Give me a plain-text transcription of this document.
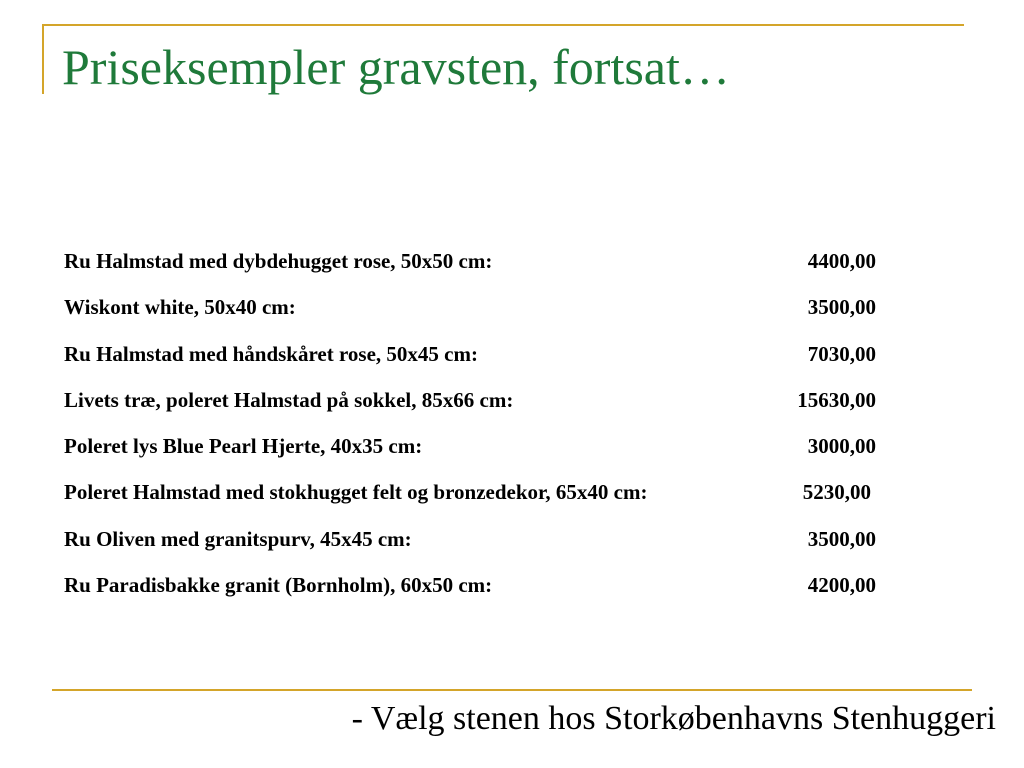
Priseksempler gravsten, fortsat…
Ru Halmstad med dybdehugget rose, 50x50 cm:	4400,00
Wiskont white, 50x40 cm:	3500,00
Ru Halmstad med håndskåret rose, 50x45 cm:	7030,00
Livets træ, poleret Halmstad på sokkel, 85x66 cm:	15630,00
Poleret lys Blue Pearl Hjerte, 40x35 cm:	3000,00
Poleret Halmstad med stokhugget felt og bronzedekor, 65x40 cm:	5230,00
Ru Oliven med granitspurv, 45x45 cm:	3500,00
Ru Paradisbakke granit (Bornholm), 60x50 cm:	4200,00
- Vælg stenen hos Storkøbenhavns Stenhuggeri
